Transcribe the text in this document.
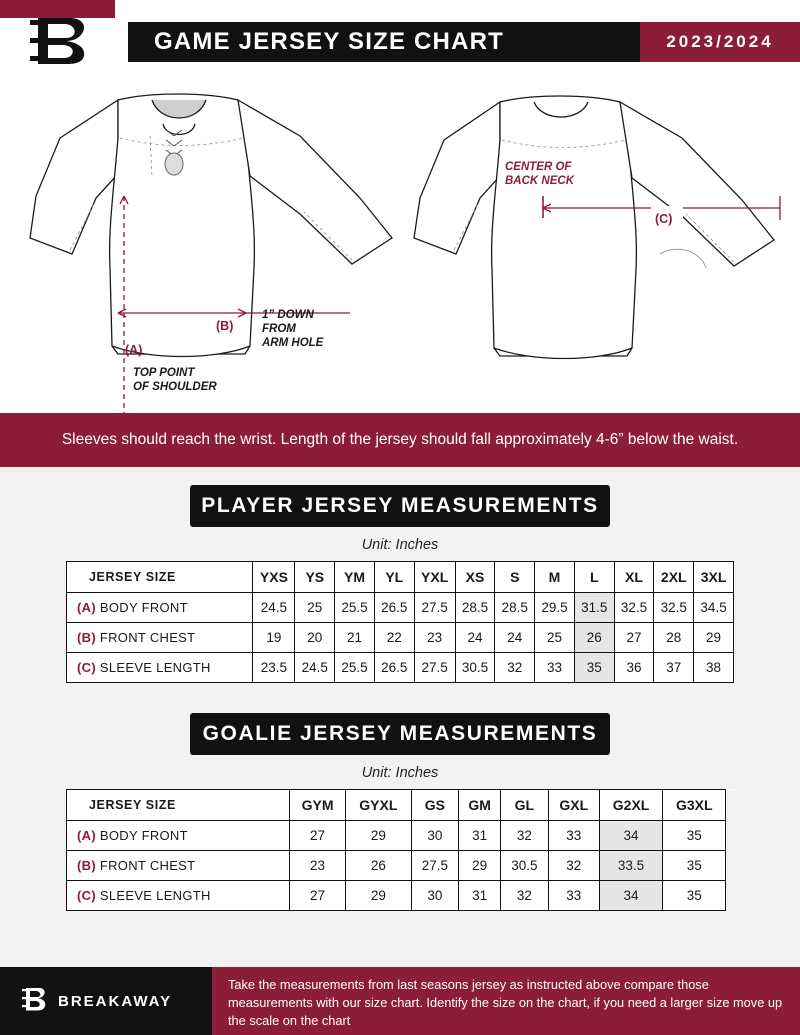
GAME JERSEY SIZE CHART	2023/2024
(A)
(B)
1” DOWN
FROM
ARM HOLE
TOP POINT
OF SHOULDER
(C)
CENTER OF
BACK NECK
Sleeves should reach the wrist. Length of the jersey should fall approximately 4-6” below the waist.
PLAYER JERSEY MEASUREMENTS
Unit: Inches
JERSEY SIZE	YXS	YS	YM	YL	YXL	XS	S	M	L	XL	2XL	3XL
(A) BODY FRONT	24.5	25	25.5	26.5	27.5	28.5	28.5	29.5	31.5	32.5	32.5	34.5
(B) FRONT CHEST	19	20	21	22	23	24	24	25	26	27	28	29
(C) SLEEVE LENGTH	23.5	24.5	25.5	26.5	27.5	30.5	32	33	35	36	37	38
GOALIE JERSEY MEASUREMENTS
Unit: Inches
JERSEY SIZE	GYM	GYXL	GS	GM	GL	GXL	G2XL	G3XL	
(A) BODY FRONT	27	29	30	31	32	33	34	35	
(B) FRONT CHEST	23	26	27.5	29	30.5	32	33.5	35	
(C) SLEEVE LENGTH	27	29	30	31	32	33	34	35	
BREAKAWAY
Take the measurements from last seasons jersey as instructed above compare those measurements with our size chart. Identify the size on the chart, if you need a larger size move up the scale on the chart
